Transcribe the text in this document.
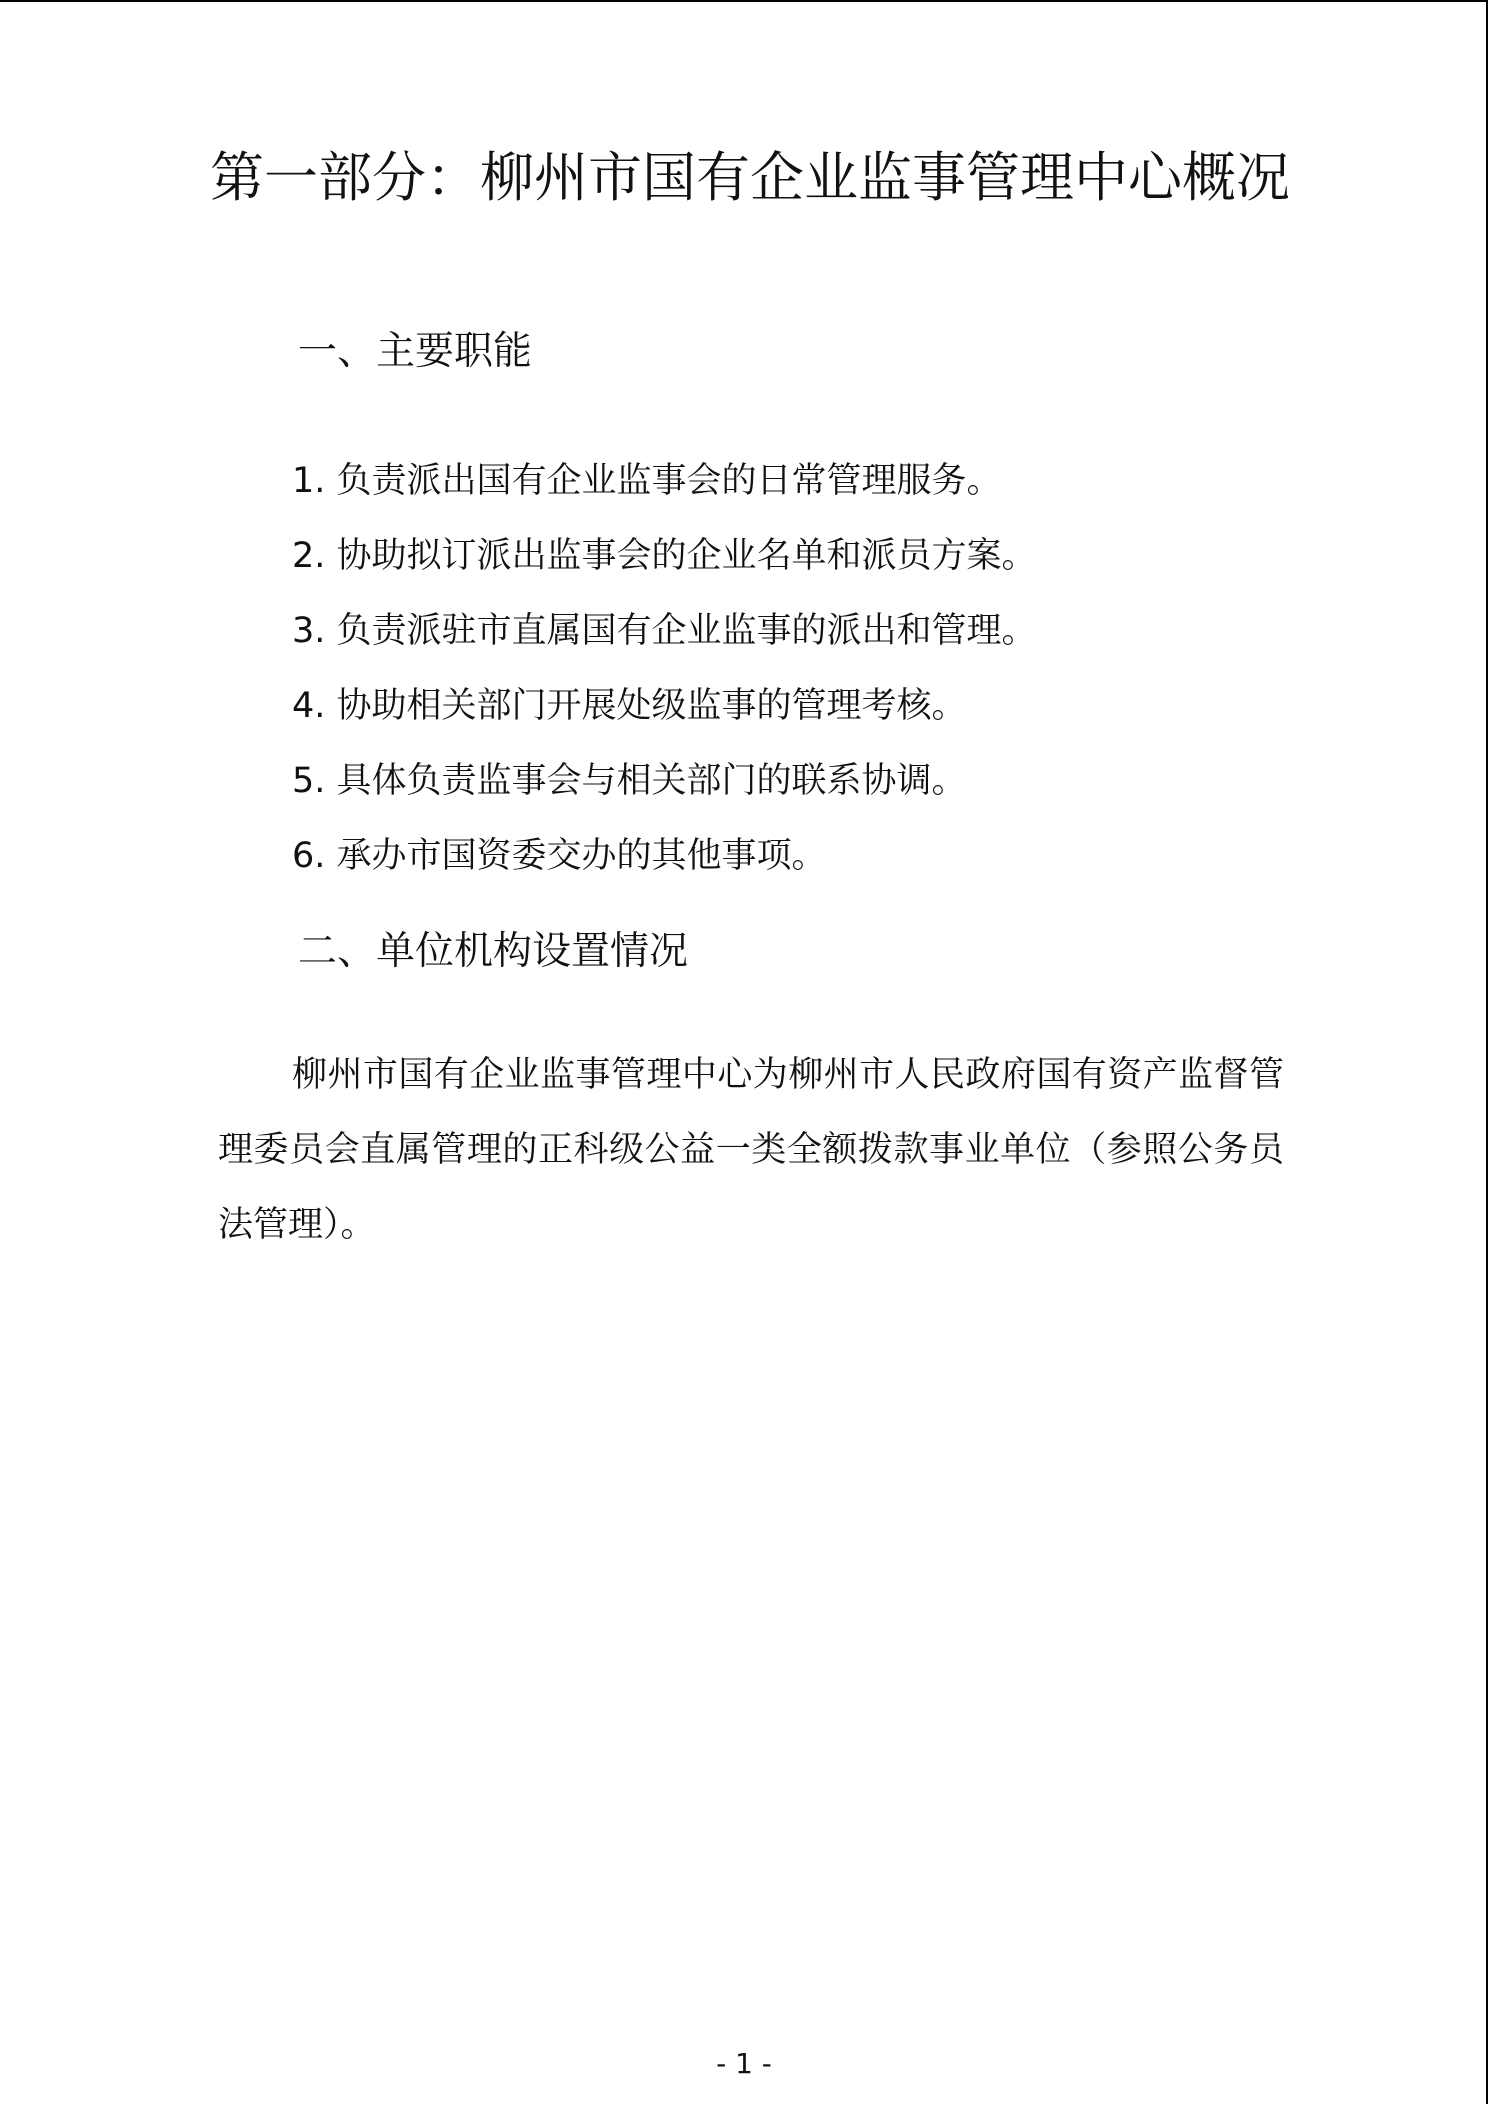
第一部分：柳州市国有企业监事管理中心概况
一、主要职能
1. 负责派出国有企业监事会的日常管理服务。
2. 协助拟订派出监事会的企业名单和派员方案。
3. 负责派驻市直属国有企业监事的派出和管理。
4. 协助相关部门开展处级监事的管理考核。
5. 具体负责监事会与相关部门的联系协调。
6. 承办市国资委交办的其他事项。
二、单位机构设置情况

柳州市国有企业监事管理中心为柳州市人民政府国有资产监督管理委员会直属管理的正科级公益一类全额拨款事业单位（参照公务员法管理）。

- 1 -
